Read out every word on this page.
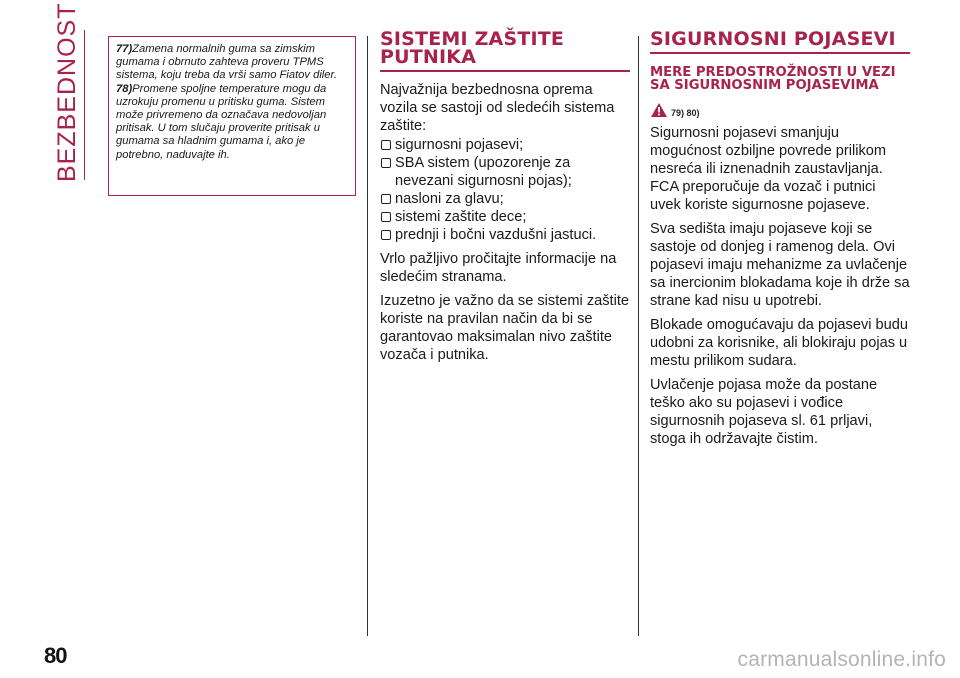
BEZBEDNOST	77)Zamena normalnih guma sa zimskim gumama i obrnuto zahteva proveru TPMS sistema, koju treba da vrši samo Fiatov diler.

78)Promene spoljne temperature mogu da uzrokuju promenu u pritisku guma. Sistem može privremeno da označava nedovoljan pritisak. U tom slučaju proverite pritisak u gumama sa hladnim gumama i, ako je potrebno, naduvajte ih.

SISTEMI ZAŠTITE PUTNIKA

Najvažnija bezbednosna oprema vozila se sastoji od sledećih sistema zaštite:

sigurnosni pojasevi;
SBA sistem (upozorenje za nevezani sigurnosni pojas);
nasloni za glavu;
sistemi zaštite dece;
prednji i bočni vazdušni jastuci.

Vrlo pažljivo pročitajte informacije na sledećim stranama.

Izuzetno je važno da se sistemi zaštite koriste na pravilan način da bi se garantovao maksimalan nivo zaštite vozača i putnika.

SIGURNOSNI POJASEVI
MERE PREDOSTROŽNOSTI U VEZI SA SIGURNOSNIM POJASEVIMA
79) 80)

Sigurnosni pojasevi smanjuju mogućnost ozbiljne povrede prilikom nesreća ili iznenadnih zaustavljanja. FCA preporučuje da vozač i putnici uvek koriste sigurnosne pojaseve.

Sva sedišta imaju pojaseve koji se sastoje od donjeg i ramenog dela. Ovi pojasevi imaju mehanizme za uvlačenje sa inercionim blokadama koje ih drže sa strane kad nisu u upotrebi.

Blokade omogućavaju da pojasevi budu udobni za korisnike, ali blokiraju pojas u mestu prilikom sudara.

Uvlačenje pojasa može da postane teško ako su pojasevi i vođice sigurnosnih pojaseva sl. 61 prljavi, stoga ih održavajte čistim.

80	carmanualsonline.info
